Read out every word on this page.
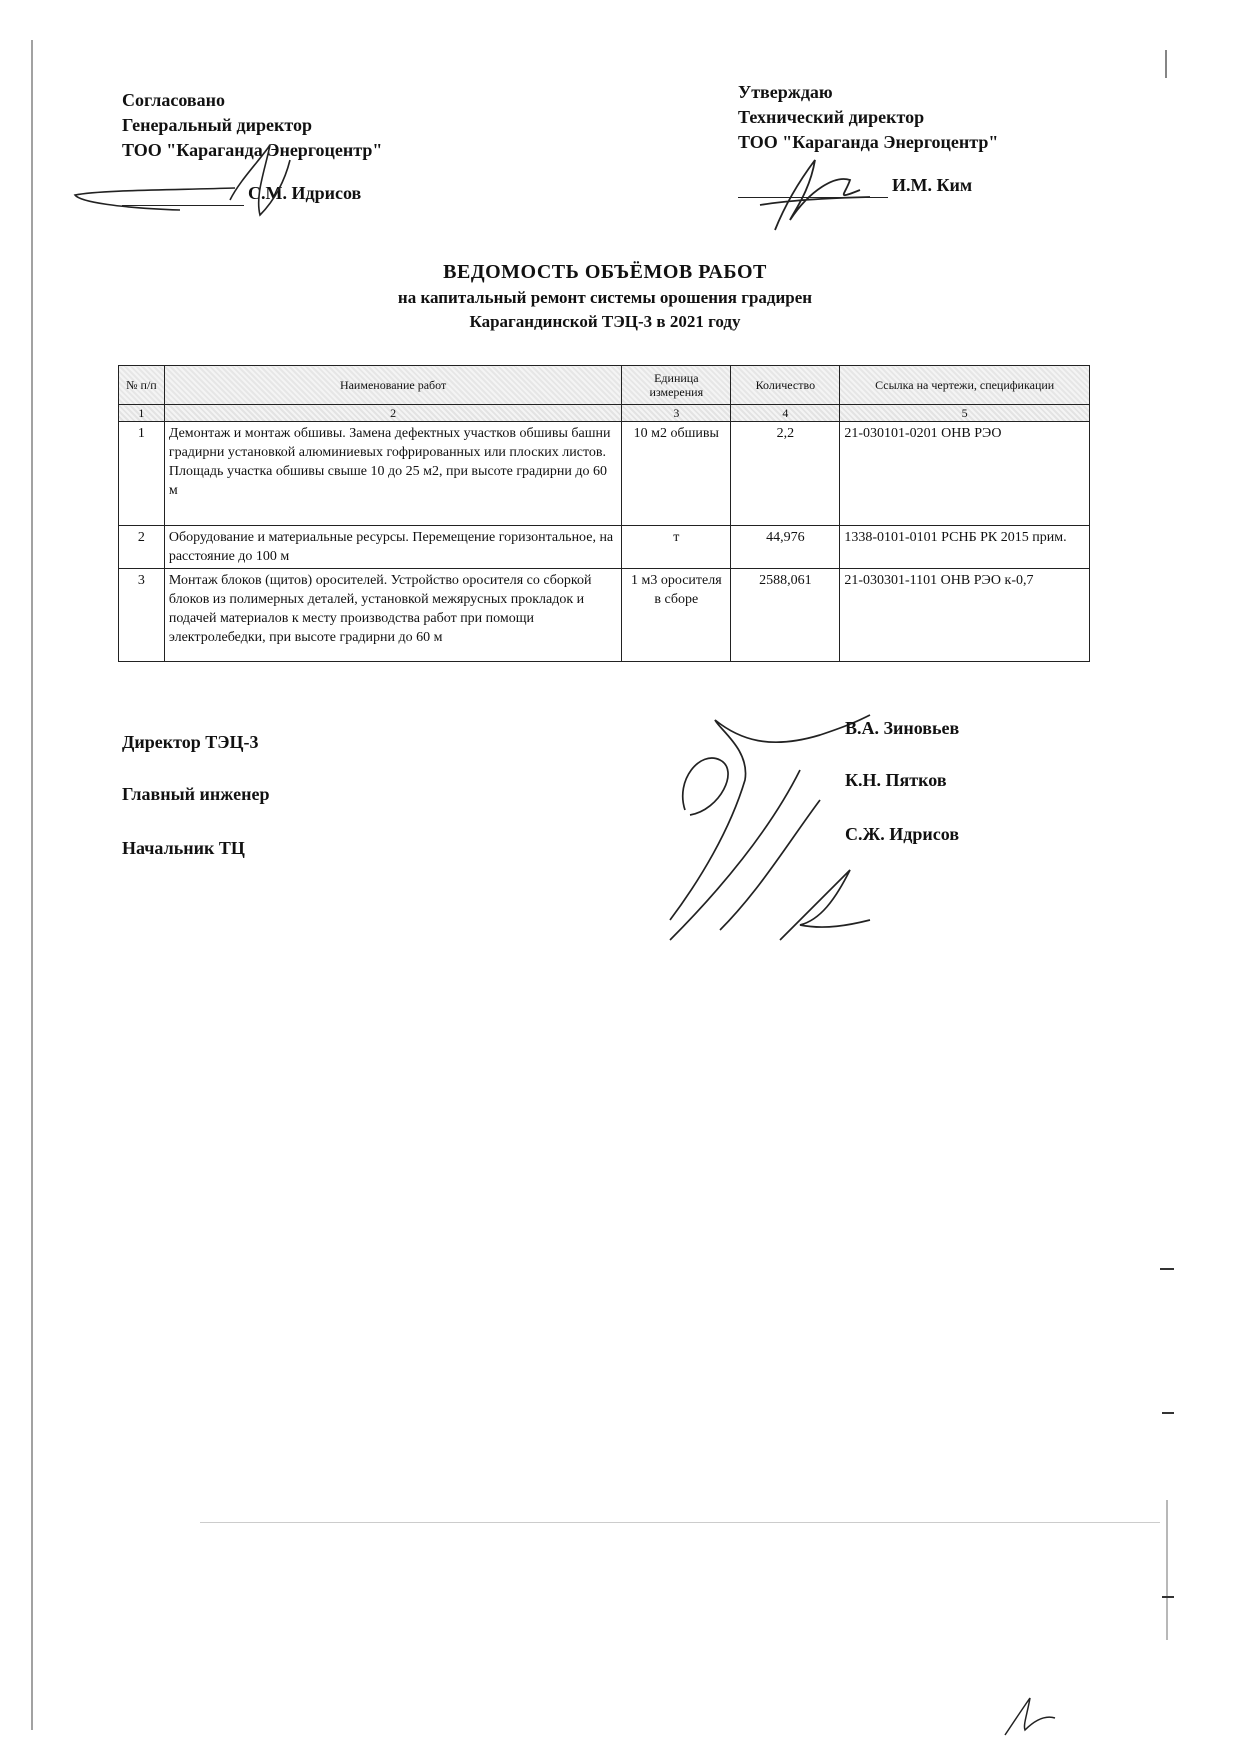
Согласовано
Генеральный директор
ТОО "Караганда Энергоцентр"
С.М. Идрисов
Утверждаю
Технический директор
ТОО "Караганда Энергоцентр"
И.М. Ким
ВЕДОМОСТЬ ОБЪЁМОВ РАБОТ
на капитальный ремонт системы орошения градирен
Карагандинской ТЭЦ-3 в 2021 году
№ п/п	Наименование работ	Единица измерения	Количество	Ссылка на чертежи, спецификации
1	2	3	4	5
1	Демонтаж и монтаж обшивы. Замена дефектных участков обшивы башни градирни установкой алюминиевых гофрированных или плоских листов. Площадь участка обшивы свыше 10 до 25 м2, при высоте градирни до 60 м	10 м2 обшивы	2,2	21-030101-0201 ОНВ РЭО
2	Оборудование и материальные ресурсы. Перемещение горизонтальное, на расстояние до 100 м	т	44,976	1338-0101-0101 РСНБ РК 2015 прим.
3	Монтаж блоков (щитов) оросителей. Устройство оросителя со сборкой блоков из полимерных деталей, установкой межярусных прокладок и подачей материалов к месту производства работ при помощи электролебедки, при высоте градирни до 60 м	1 м3 оросителя в сборе	2588,061	21-030301-1101 ОНВ РЭО к-0,7
Директор ТЭЦ-3
Главный инженер
Начальник ТЦ
В.А. Зиновьев
К.Н. Пятков
С.Ж. Идрисов
